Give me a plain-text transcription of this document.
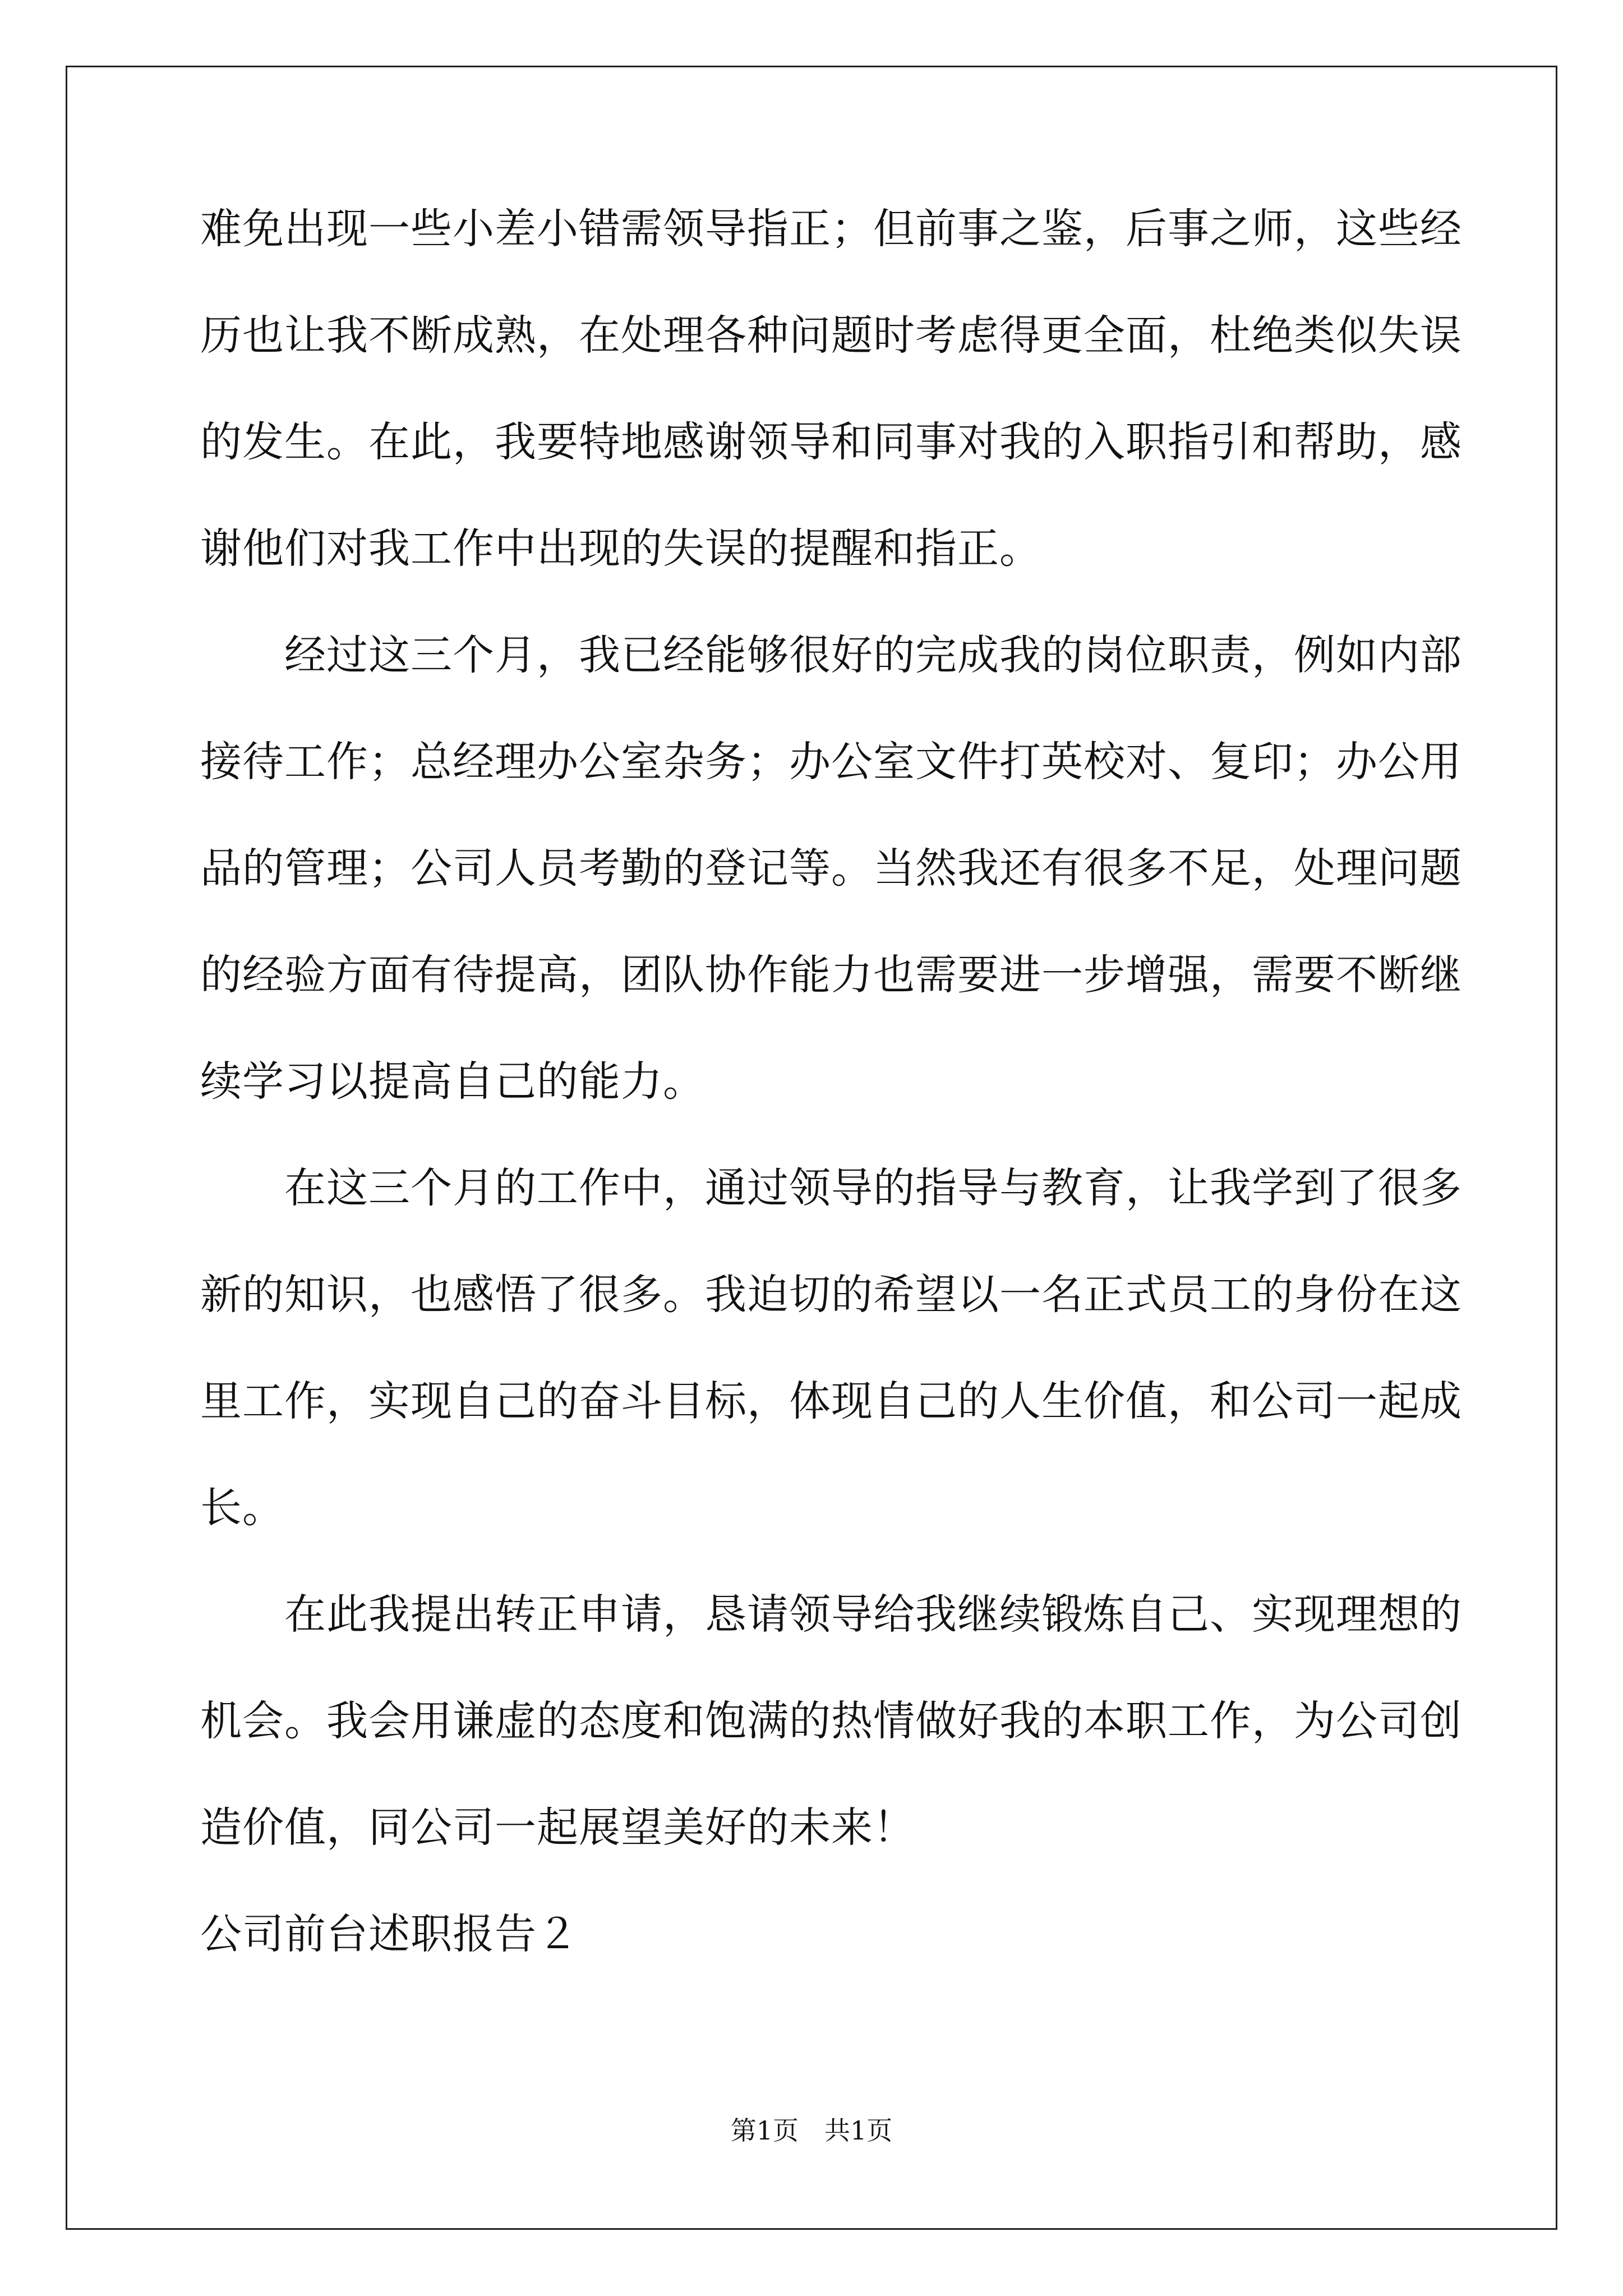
难免出现一些小差小错需领导指正；但前事之鉴，后事之师，这些经
历也让我不断成熟，在处理各种问题时考虑得更全面，杜绝类似失误
的发生。在此，我要特地感谢领导和同事对我的入职指引和帮助，感
谢他们对我工作中出现的失误的提醒和指正。
　　经过这三个月，我已经能够很好的完成我的岗位职责，例如内部
接待工作；总经理办公室杂务；办公室文件打英校对、复印；办公用
品的管理；公司人员考勤的登记等。当然我还有很多不足，处理问题
的经验方面有待提高，团队协作能力也需要进一步增强，需要不断继
续学习以提高自己的能力。
　　在这三个月的工作中，通过领导的指导与教育，让我学到了很多
新的知识，也感悟了很多。我迫切的希望以一名正式员工的身份在这
里工作，实现自己的奋斗目标，体现自己的人生价值，和公司一起成
长。
　　在此我提出转正申请，恳请领导给我继续锻炼自己、实现理想的
机会。我会用谦虚的态度和饱满的热情做好我的本职工作，为公司创
造价值，同公司一起展望美好的未来！
公司前台述职报告２
第1页　共1页
